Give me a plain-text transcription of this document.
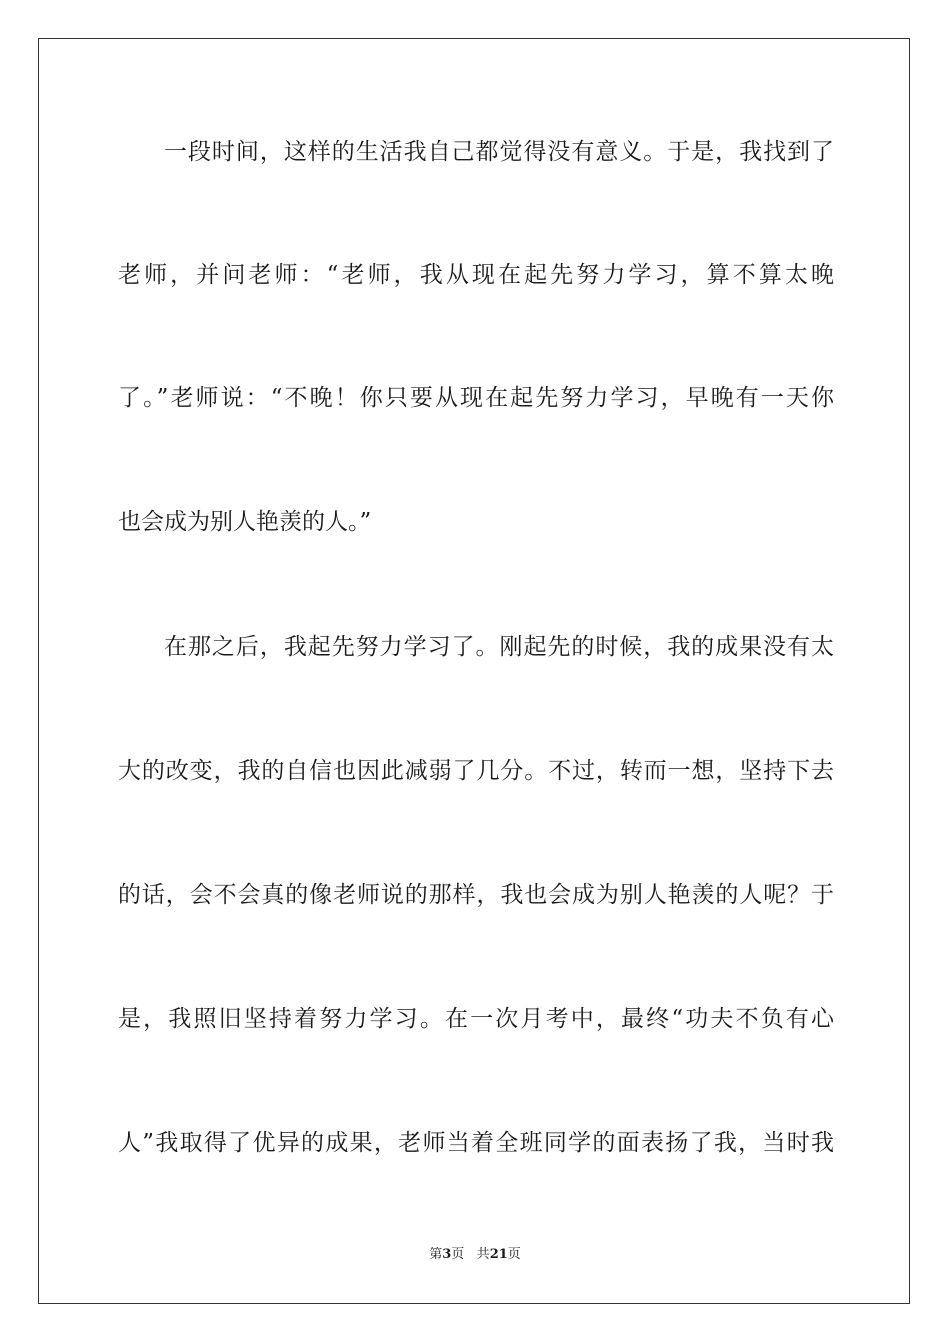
一段时间，这样的生活我自己都觉得没有意义。于是，我找到了
老师，并问老师：“老师，我从现在起先努力学习，算不算太晚
了。”老师说：“不晚！你只要从现在起先努力学习，早晚有一天你
也会成为别人艳羡的人。”
在那之后，我起先努力学习了。刚起先的时候，我的成果没有太
大的改变，我的自信也因此减弱了几分。不过，转而一想，坚持下去
的话，会不会真的像老师说的那样，我也会成为别人艳羡的人呢？于
是，我照旧坚持着努力学习。在一次月考中，最终“功夫不负有心
人”我取得了优异的成果，老师当着全班同学的面表扬了我，当时我
第3页 共21页
